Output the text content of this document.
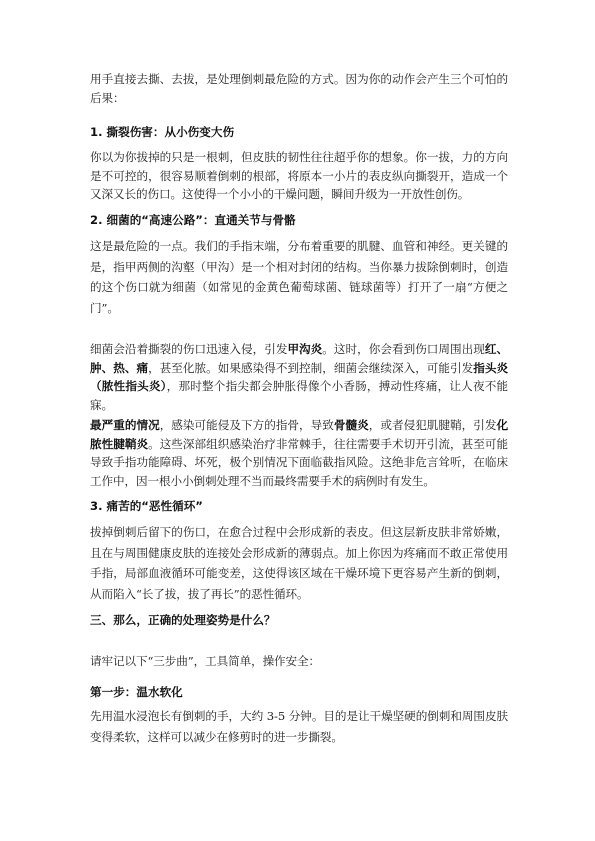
用手直接去撕、去拔，是处理倒刺最危险的方式。因为你的动作会产生三个可怕的后果：

1. 撕裂伤害：从小伤变大伤

你以为你拔掉的只是一根刺，但皮肤的韧性往往超乎你的想象。你一拔，力的方向是不可控的，很容易顺着倒刺的根部，将原本一小片的表皮纵向撕裂开，造成一个又深又长的伤口。这使得一个小小的干燥问题，瞬间升级为一开放性创伤。

2. 细菌的“高速公路”：直通关节与骨骼

这是最危险的一点。我们的手指末端，分布着重要的肌腱、血管和神经。更关键的是，指甲两侧的沟壑（甲沟）是一个相对封闭的结构。当你暴力拔除倒刺时，创造的这个伤口就为细菌（如常见的金黄色葡萄球菌、链球菌等）打开了一扇“方便之门”。

细菌会沿着撕裂的伤口迅速入侵，引发甲沟炎。这时，你会看到伤口周围出现红、肿、热、痛，甚至化脓。如果感染得不到控制，细菌会继续深入，可能引发指头炎（脓性指头炎），那时整个指尖都会肿胀得像个小香肠，搏动性疼痛，让人夜不能寐。

最严重的情况，感染可能侵及下方的指骨，导致骨髓炎，或者侵犯肌腱鞘，引发化脓性腱鞘炎。这些深部组织感染治疗非常棘手，往往需要手术切开引流，甚至可能导致手指功能障碍、坏死，极个别情况下面临截指风险。这绝非危言耸听，在临床工作中，因一根小小倒刺处理不当而最终需要手术的病例时有发生。

3. 痛苦的“恶性循环”

拔掉倒刺后留下的伤口，在愈合过程中会形成新的表皮。但这层新皮肤非常娇嫩，且在与周围健康皮肤的连接处会形成新的薄弱点。加上你因为疼痛而不敢正常使用手指，局部血液循环可能变差，这使得该区域在干燥环境下更容易产生新的倒刺，从而陷入“长了拔，拔了再长”的恶性循环。

三、那么，正确的处理姿势是什么？

请牢记以下“三步曲”，工具简单，操作安全：

第一步：温水软化

先用温水浸泡长有倒刺的手，大约 3-5 分钟。目的是让干燥坚硬的倒刺和周围皮肤变得柔软，这样可以减少在修剪时的进一步撕裂。
